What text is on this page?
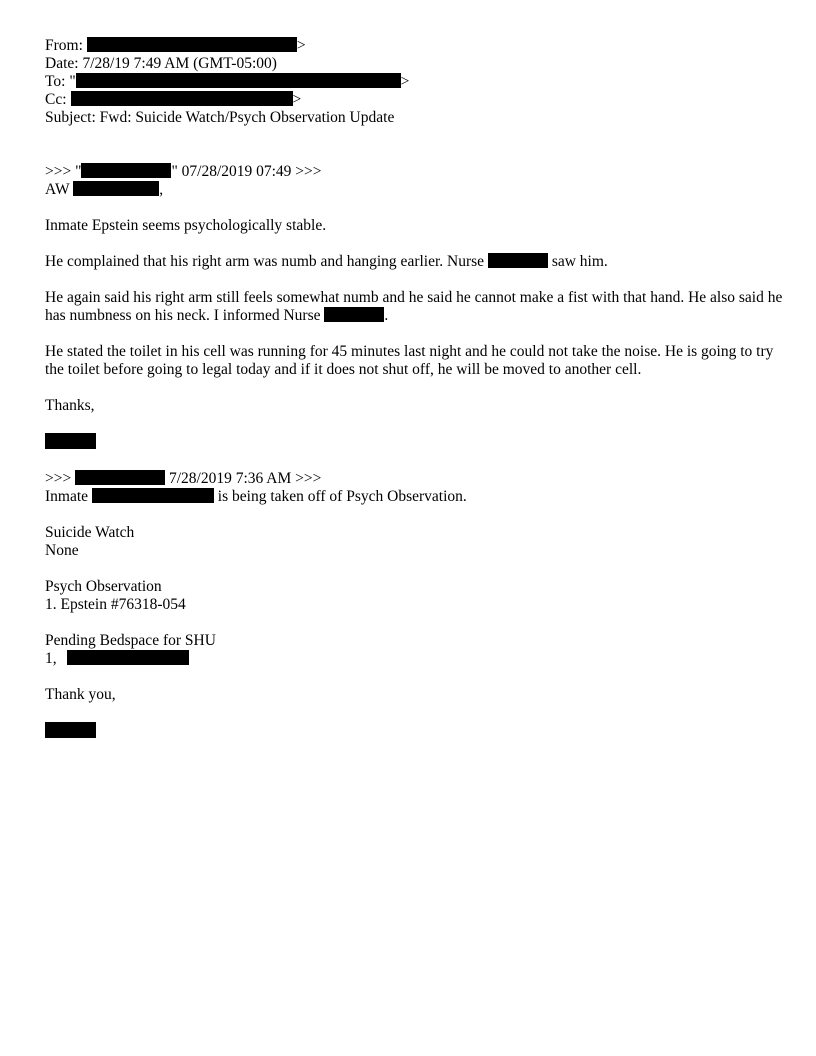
From:	>
Date: 7/28/19 7:49 AM (GMT-05:00)
To: "	>
Cc:	>
Subject: Fwd: Suicide Watch/Psych Observation Update
>>> "	" 07/28/2019 07:49 >>>
AW	,
Inmate Epstein seems psychologically stable.
He complained that his right arm was numb and hanging earlier. Nurse	saw him.
He again said his right arm still feels somewhat numb and he said he cannot make a fist with that hand. He also said he has numbness on his neck. I informed Nurse	.
He stated the toilet in his cell was running for 45 minutes last night and he could not take the noise. He is going to try the toilet before going to legal today and if it does not shut off, he will be moved to another cell.
Thanks,
>>>	7/28/2019 7:36 AM >>>
Inmate	is being taken off of Psych Observation.
Suicide Watch
None
Psych Observation
1. Epstein #76318-054
Pending Bedspace for SHU
1,
Thank you,
